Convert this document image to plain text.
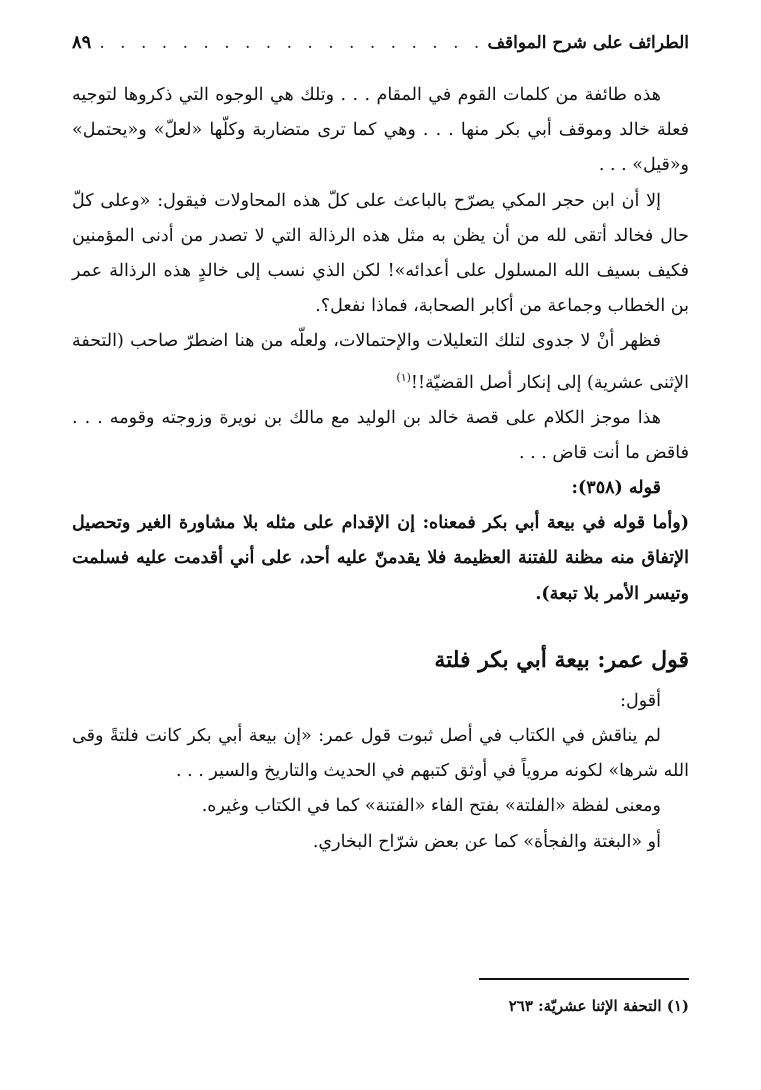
الطرائف على شرح المواقف
. . .
٨٩

هذه طائفة من كلمات القوم في المقام . . . وتلك هي الوجوه التي ذكروها لتوجيه فعلة خالد وموقف أبي بكر منها . . . وهي كما ترى متضاربة وكلّها «لعلّ» و«يحتمل» و«قيل» . . .

إلا أن ابن حجر المكي يصرّح بالباعث على كلّ هذه المحاولات فيقول: «وعلى كلّ حال فخالد أتقى لله من أن يظن به مثل هذه الرذالة التي لا تصدر من أدنى المؤمنين فكيف بسيف الله المسلول على أعدائه»! لكن الذي نسب إلى خالدٍ هذه الرذالة عمر بن الخطاب وجماعة من أكابر الصحابة، فماذا نفعل؟.

فظهر أنْ لا جدوى لتلك التعليلات والإحتمالات، ولعلّه من هنا اضطرّ صاحب (التحفة الإثنى عشرية) إلى إنكار أصل القضيّة!!$^{(١)}$

هذا موجز الكلام على قصة خالد بن الوليد مع مالك بن نويرة وزوجته وقومه . . . فاقض ما أنت قاض . . .

قوله (٣٥٨):

(وأما قوله في بيعة أبي بكر فمعناه: إن الإقدام على مثله بلا مشاورة الغير وتحصيل الإتفاق منه مظنة للفتنة العظيمة فلا يقدمنّ عليه أحد، على أني أقدمت عليه فسلمت وتيسر الأمر بلا تبعة).

قول عمر: بيعة أبي بكر فلتة

أقول:

لم يناقش في الكتاب في أصل ثبوت قول عمر: «إن بيعة أبي بكر كانت فلتةً وقى الله شرها» لكونه مروياً في أوثق كتبهم في الحديث والتاريخ والسير . . .

ومعنى لفظة «الفلتة» بفتح الفاء «الفتنة» كما في الكتاب وغيره.

أو «البغتة والفجأة» كما عن بعض شرّاح البخاري.

(١) التحفة الإثنا عشريّة: ٢٦٣
